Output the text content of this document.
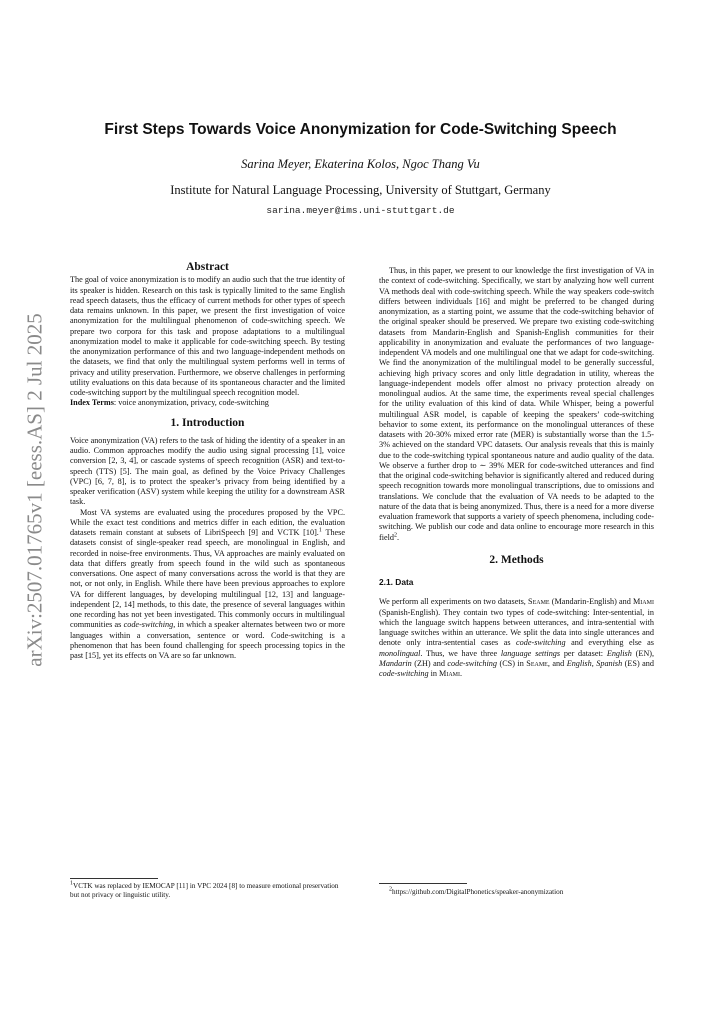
arXiv:2507.01765v1 [eess.AS] 2 Jul 2025
First Steps Towards Voice Anonymization for Code-Switching Speech
Sarina Meyer, Ekaterina Kolos, Ngoc Thang Vu
Institute for Natural Language Processing, University of Stuttgart, Germany
sarina.meyer@ims.uni-stuttgart.de
Abstract

The goal of voice anonymization is to modify an audio such that the true identity of its speaker is hidden. Research on this task is typically limited to the same English read speech datasets, thus the efficacy of current methods for other types of speech data remains unknown. In this paper, we present the first investigation of voice anonymization for the multilingual phenomenon of code-switching speech. We prepare two corpora for this task and propose adaptations to a multilingual anonymization model to make it applicable for code-switching speech. By testing the anonymization performance of this and two language-independent methods on the datasets, we find that only the multilingual system performs well in terms of privacy and utility preservation. Furthermore, we observe challenges in performing utility evaluations on this data because of its spontaneous character and the limited code-switching support by the multilingual speech recognition model.

Index Terms: voice anonymization, privacy, code-switching

1. Introduction

Voice anonymization (VA) refers to the task of hiding the identity of a speaker in an audio. Common approaches modify the audio using signal processing [1], voice conversion [2, 3, 4], or cascade systems of speech recognition (ASR) and text-to-speech (TTS) [5]. The main goal, as defined by the Voice Privacy Challenges (VPC) [6, 7, 8], is to protect the speaker’s privacy from being identified by a speaker verification (ASV) system while keeping the utility for a downstream ASR task.

Most VA systems are evaluated using the procedures proposed by the VPC. While the exact test conditions and metrics differ in each edition, the evaluation datasets remain constant at subsets of LibriSpeech [9] and VCTK [10].$^1$ These datasets consist of single-speaker read speech, are monolingual in English, and recorded in noise-free environments. Thus, VA approaches are mainly evaluated on data that differs greatly from speech found in the wild such as spontaneous conversations. One aspect of many conversations across the world is that they are not, or not only, in English. While there have been previous approaches to explore VA for different languages, by developing multilingual [12, 13] and language-independent [2, 14] methods, to this date, the presence of several languages within one recording has not yet been investigated. This commonly occurs in multilingual communities as code-switching, in which a speaker alternates between two or more languages within a conversation, sentence or word. Code-switching is a phenomenon that has been found challenging for speech processing topics in the past [15], yet its effects on VA are so far unknown.

$^1$VCTK was replaced by IEMOCAP [11] in VPC 2024 [8] to measure emotional preservation but not privacy or linguistic utility.

Thus, in this paper, we present to our knowledge the first investigation of VA in the context of code-switching. Specifically, we start by analyzing how well current VA methods deal with code-switching speech. While the way speakers code-switch differs between individuals [16] and might be preferred to be changed during anonymization, as a starting point, we assume that the code-switching behavior of the original speaker should be preserved. We prepare two existing code-switching datasets from Mandarin-English and Spanish-English communities for their applicability in anonymization and evaluate the performances of two language-independent VA models and one multilingual one that we adapt for code-switching. We find the anonymization of the multilingual model to be generally successful, achieving high privacy scores and only little degradation in utility, whereas the language-independent models offer almost no privacy protection already on monolingual audios. At the same time, the experiments reveal special challenges for the utility evaluation of this kind of data. While Whisper, being a powerful multilingual ASR model, is capable of keeping the speakers’ code-switching behavior to some extent, its performance on the monolingual utterances of these datasets with 20-30% mixed error rate (MER) is substantially worse than the 1.5-3% achieved on the standard VPC datasets. Our analysis reveals that this is mainly due to the code-switching typical spontaneous nature and audio quality of the data. We observe a further drop to ∼ 39% MER for code-switched utterances and find that the original code-switching behavior is significantly altered and reduced during speech recognition towards more monolingual transcriptions, due to omissions and translations. We conclude that the evaluation of VA needs to be adapted to the nature of the data that is being anonymized. Thus, there is a need for a more diverse evaluation framework that supports a variety of speech phenomena, including code-switching. We publish our code and data online to encourage more research in this field$^2$.

2. Methods
2.1. Data

We perform all experiments on two datasets, Seame (Mandarin-English) and Miami (Spanish-English). They contain two types of code-switching: Inter-sentential, in which the language switch happens between utterances, and intra-sentential with language switches within an utterance. We split the data into single utterances and denote only intra-sentential cases as code-switching and everything else as monolingual. Thus, we have three language settings per dataset: English (EN), Mandarin (ZH) and code-switching (CS) in Seame, and English, Spanish (ES) and code-switching in Miami.

$^2$https://github.com/DigitalPhonetics/speaker-anonymization
